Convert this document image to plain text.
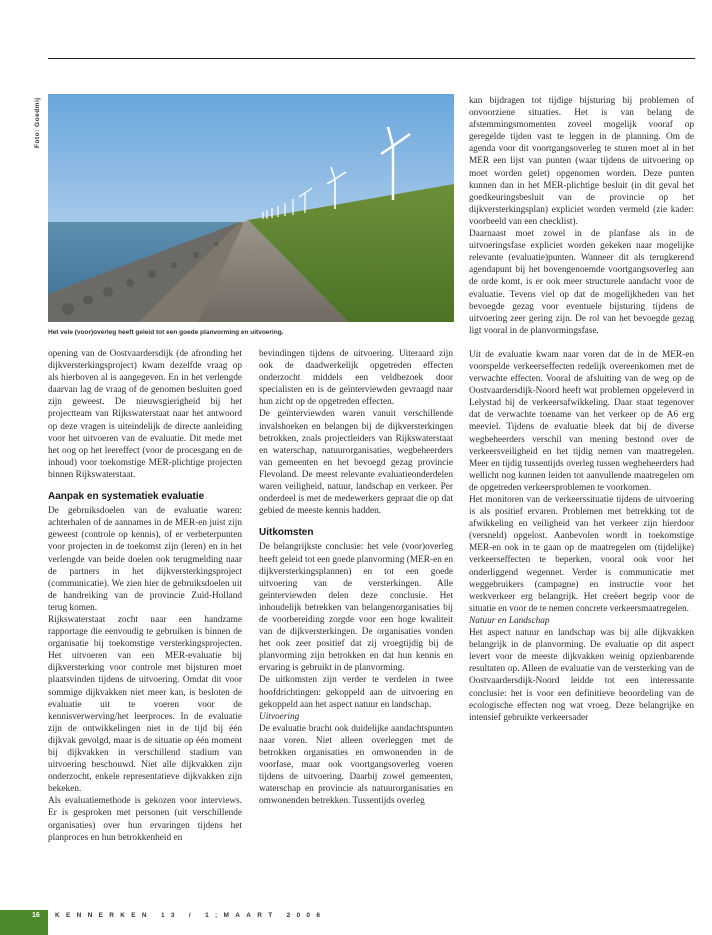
Foto: Goedmij
Het vele (voor)overleg heeft geleid tot een goede planvorming en uitvoering.

opening van de Oostvaardersdijk (de afronding het dijkversterkingsproject) kwam dezelfde vraag op als hierboven al is aangegeven. En in het verlengde daarvan lag de vraag of de genomen besluiten goed zijn geweest. De nieuwsgierigheid bij het projectteam van Rijkswaterstaat naar het antwoord op deze vragen is uiteindelijk de directe aanleiding voor het uitvoeren van de evaluatie. Dit mede met het oog op het leereffect (voor de procesgang en de inhoud) voor toekomstige MER-plichtige projecten binnen Rijkswaterstaat.

Aanpak en systematiek evaluatie

De gebruiksdoelen van de evaluatie waren: achterhalen of de aannames in de MER-en juist zijn geweest (controle op kennis), of er verbeterpunten voor projecten in de toekomst zijn (leren) en in het verlengde van beide doelen ook terugmelding naar de partners in het dijkversterkingsproject (communicatie). We zien hier de gebruiksdoelen uit de handreiking van de provincie Zuid-Holland terug komen.

Rijkswaterstaat zocht naar een handzame rapportage die eenvoudig te gebruiken is binnen de organisatie bij toekomstige versterkingsprojecten. Het uitvoeren van een MER-evaluatie bij dijkversterking voor controle met bijsturen moet plaatsvinden tijdens de uitvoering. Omdat dit voor sommige dijkvakken niet meer kan, is besloten de evaluatie uit te voeren voor de kennisverwerving/het leerproces. In de evaluatie zijn de ontwikkelingen niet in de tijd bij één dijkvak gevolgd, maar is de situatie op één moment bij dijkvakken in verschillend stadium van uitvoering beschouwd. Niet alle dijkvakken zijn onderzocht, enkele representatieve dijkvakken zijn bekeken.

Als evaluatiemethode is gekozen voor interviews. Er is gesproken met personen (uit verschillende organisaties) over hun ervaringen tijdens het planproces en hun betrokkenheid en

bevindingen tijdens de uitvoering. Uiteraard zijn ook de daadwerkelijk opgetreden effecten onderzocht middels een veldbezoek door specialisten en is de geïnterviewden gevraagd naar hun zicht op de opgetreden effecten.

De geïnterviewden waren vanuit verschillende invalshoeken en belangen bij de dijkversterkingen betrokken, zoals projectleiders van Rijkswaterstaat en waterschap, natuurorganisaties, wegbeheerders van gemeenten en het bevoegd gezag provincie Flevoland. De meest relevante evaluatieonderdelen waren veiligheid, natuur, landschap en verkeer. Per onderdeel is met de medewerkers gepraat die op dat gebied de meeste kennis hadden.

Uitkomsten

De belangrijkste conclusie: het vele (voor)overleg heeft geleid tot een goede planvorming (MER-en en dijkversterkingsplannen) en tot een goede uitvoering van de versterkingen. Alle geïnterviewden delen deze conclusie. Het inhoudelijk betrekken van belangenorganisaties bij de voorbereiding zorgde voor een hoge kwaliteit van de dijkversterkingen. De organisaties vonden het ook zeer positief dat zij vroegtijdig bij de planvorming zijn betrokken en dat hun kennis en ervaring is gebruikt in de planvorming.

De uitkomsten zijn verder te verdelen in twee hoofdrichtingen: gekoppeld aan de uitvoering en gekoppeld aan het aspect natuur en landschap.

Uitvoering

De evaluatie bracht ook duidelijke aandachtspunten naar voren. Niet alleen overleggen met de betrokken organisaties en omwonenden in de voorfase, maar ook voortgangsoverleg voeren tijdens de uitvoering. Daarbij zowel gemeenten, waterschap en provincie als natuurorganisaties en omwonenden betrekken. Tussentijds overleg

kan bijdragen tot tijdige bijsturing bij problemen of onvoorziene situaties. Het is van belang de afstemmingsmomenten zoveel mogelijk vooraf op geregelde tijden vast te leggen in de planning. Om de agenda voor dit voortgangsoverleg te sturen moet al in het MER een lijst van punten (waar tijdens de uitvoering op moet worden gelet) opgenomen worden. Deze punten kunnen dan in het MER-plichtige besluit (in dit geval het goedkeuringsbesluit van de provincie op het dijkversterkingsplan) expliciet worden vermeld (zie kader: voorbeeld van een checklist).

Daarnaast moet zowel in de planfase als in de uitvoeringsfase expliciet worden gekeken naar mogelijke relevante (evaluatie)punten. Wanneer dit als terugkerend agendapunt bij het bovengenoemde voortgangsoverleg aan de orde komt, is er ook meer structurele aandacht voor de evaluatie. Tevens viel op dat de mogelijkheden van het bevoegde gezag voor eventuele bijsturing tijdens de uitvoering zeer gering zijn. De rol van het bevoegde gezag ligt vooral in de planvormingsfase.

Uit de evaluatie kwam naar voren dat de in de MER-en voorspelde verkeerseffecten redelijk overeenkomen met de verwachte effecten. Vooral de afsluiting van de weg op de Oostvaardersdijk-Noord heeft wat problemen opgeleverd in Lelystad bij de verkeersafwikkeling. Daar staat tegenover dat de verwachte toename van het verkeer op de A6 erg meeviel. Tijdens de evaluatie bleek dat bij de diverse wegbeheerders verschil van mening bestond over de verkeersveiligheid en het tijdig nemen van maatregelen. Meer en tijdig tussentijds overleg tussen wegbeheerders had wellicht nog kunnen leiden tot aanvullende maatregelen om de opgetreden verkeersproblemen te voorkomen.

Het monitoren van de verkeerssituatie tijdens de uitvoering is als positief ervaren. Problemen met betrekking tot de afwikkeling en veiligheid van het verkeer zijn hierdoor (versneld) opgelost. Aanbevolen wordt in toekomstige MER-en ook in te gaan op de maatregelen om (tijdelijke) verkeerseffecten te beperken, vooral ook voor het onderliggend wegennet. Verder is communicatie met weggebruikers (campagne) en instructie voor het werkverkeer erg belangrijk. Het creëert begrip voor de situatie en voor de te nemen concrete verkeersmaatregelen.

Natuur en Landschap

Het aspect natuur en landschap was bij alle dijkvakken belangrijk in de planvorming. De evaluatie op dit aspect levert voor de meeste dijkvakken weinig opzienbarende resultaten op. Alleen de evaluatie van de versterking van de Oostvaardersdijk-Noord leidde tot een interessante conclusie: het is voor een definitieve beoordeling van de ecologische effecten nog wat vroeg. Deze belangrijke en intensief gebruikte verkeersader

16 KENNERKEN 13 / 1;MAART 2006
